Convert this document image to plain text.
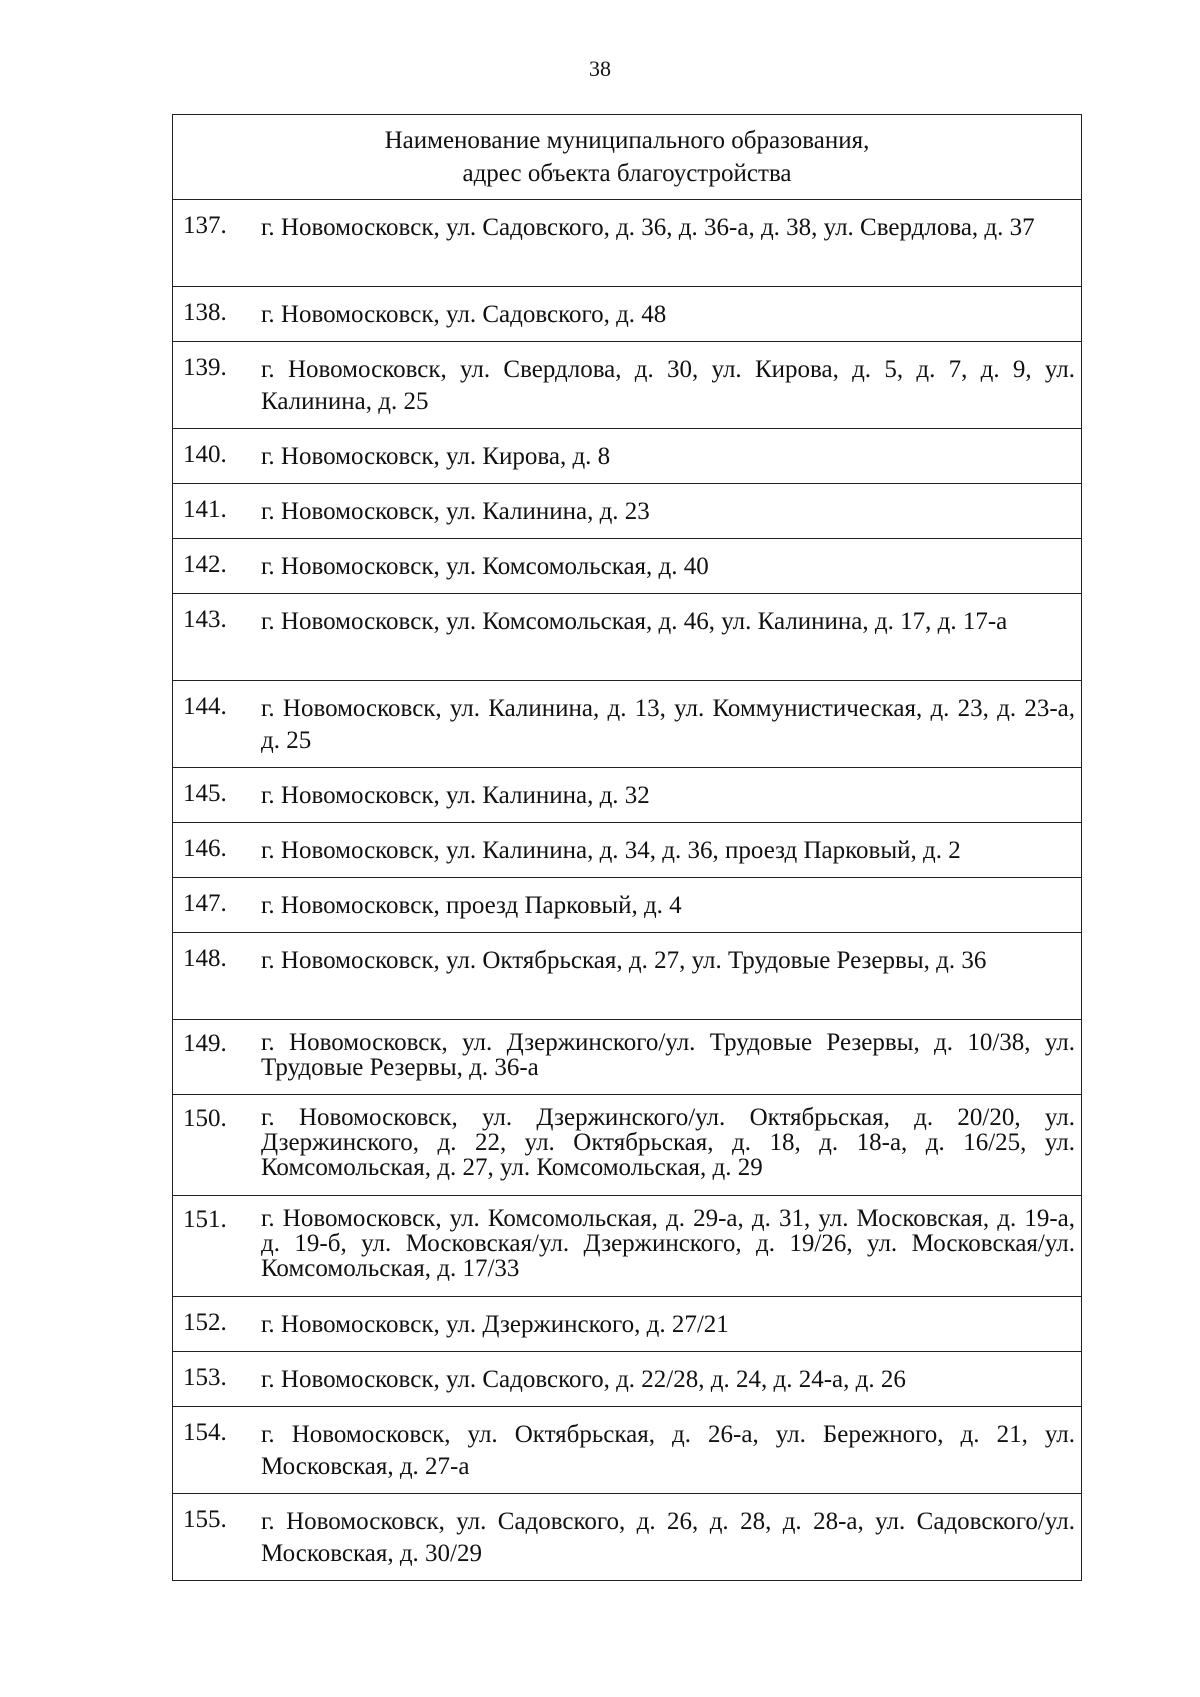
38
Наименование муниципального образования,
адрес объекта благоустройства

137.	г. Новомосковск, ул. Садовского, д. 36, д. 36-а, д. 38, ул. Свердлова, д. 37

138.	г. Новомосковск, ул. Садовского, д. 48

139.	г. Новомосковск, ул. Свердлова, д. 30, ул. Кирова, д. 5, д. 7, д. 9, ул. Калинина, д. 25

140.	г. Новомосковск, ул. Кирова, д. 8

141.	г. Новомосковск, ул. Калинина, д. 23

142.	г. Новомосковск, ул. Комсомольская, д. 40

143.	г. Новомосковск, ул. Комсомольская, д. 46, ул. Калинина, д. 17, д. 17-а

144.	г. Новомосковск, ул. Калинина, д. 13, ул. Коммунистическая, д. 23, д. 23-а, д. 25

145.	г. Новомосковск, ул. Калинина, д. 32

146.	г. Новомосковск, ул. Калинина, д. 34, д. 36, проезд Парковый, д. 2

147.	г. Новомосковск, проезд Парковый, д. 4

148.	г. Новомосковск, ул. Октябрьская, д. 27, ул. Трудовые Резервы, д. 36

149.	г. Новомосковск, ул. Дзержинского/ул. Трудовые Резервы, д. 10/38, ул. Трудовые Резервы, д. 36-а

150.	г. Новомосковск, ул. Дзержинского/ул. Октябрьская, д. 20/20, ул. Дзержинского, д. 22, ул. Октябрьская, д. 18, д. 18-а, д. 16/25, ул. Комсомольская, д. 27, ул. Комсомольская, д. 29

151.	г. Новомосковск, ул. Комсомольская, д. 29-а, д. 31, ул. Московская, д. 19-а, д. 19-б, ул. Московская/ул. Дзержинского, д. 19/26, ул. Московская/ул. Комсомольская, д. 17/33

152.	г. Новомосковск, ул. Дзержинского, д. 27/21

153.	г. Новомосковск, ул. Садовского, д. 22/28, д. 24, д. 24-а, д. 26

154.	г. Новомосковск, ул. Октябрьская, д. 26-а, ул. Бережного, д. 21, ул. Московская, д. 27-а

155.	г. Новомосковск, ул. Садовского, д. 26, д. 28, д. 28-а, ул. Садовского/ул. Московская, д. 30/29
